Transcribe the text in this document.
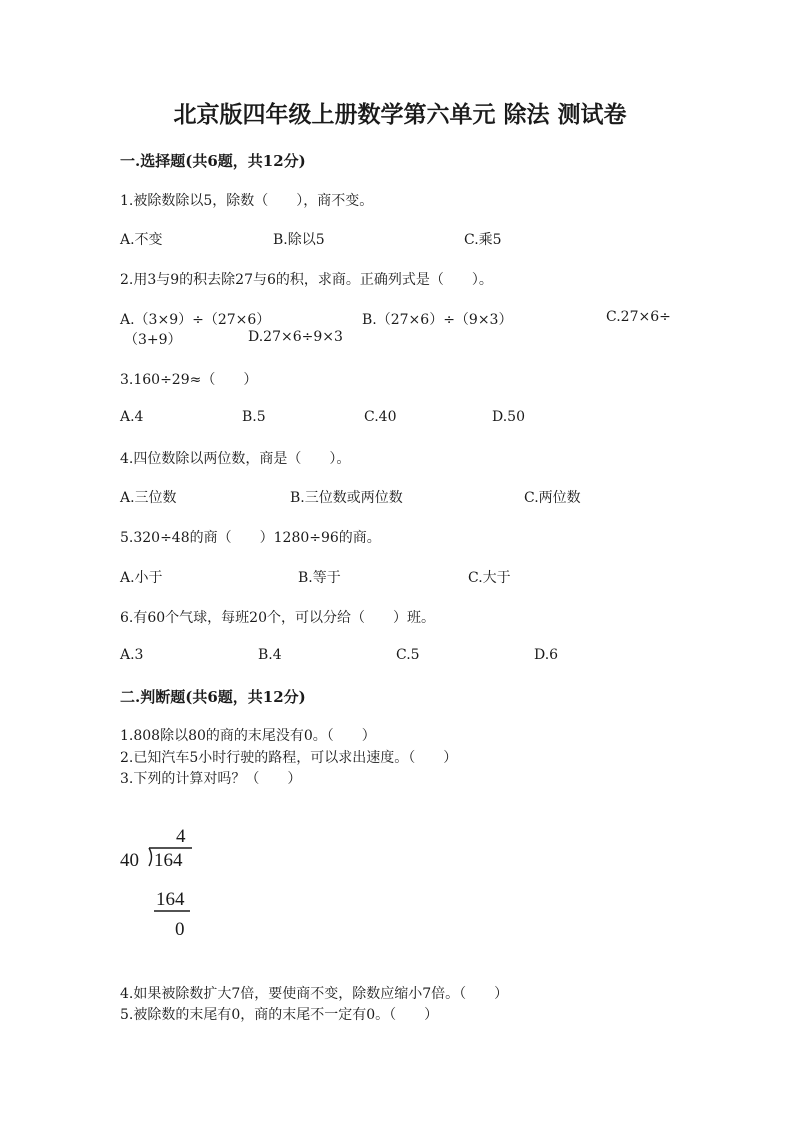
北京版四年级上册数学第六单元 除法 测试卷
一.选择题(共6题，共12分)
1.被除数除以5，除数（　　），商不变。
A.不变	B.除以5	C.乘5
2.用3与9的积去除27与6的积，求商。正确列式是（　　）。
A.（3×9）÷（27×6）	B.（27×6）÷（9×3）	C.27×6÷
（3+9）	D.27×6÷9×3
3.160÷29≈（　　）
A.4	B.5	C.40	D.50
4.四位数除以两位数，商是（　　）。
A.三位数	B.三位数或两位数	C.两位数
5.320÷48的商（　　）1280÷96的商。
A.小于	B.等于	C.大于
6.有60个气球，每班20个，可以分给（　　）班。
A.3	B.4	C.5	D.6
二.判断题(共6题，共12分)
1.808除以80的商的末尾没有0。（　　）
2.已知汽车5小时行驶的路程，可以求出速度。（　　）
3.下列的计算对吗？（　　）
4
40 164
164
0
4.如果被除数扩大7倍，要使商不变，除数应缩小7倍。（　　）
5.被除数的末尾有0，商的末尾不一定有0。（　　）
